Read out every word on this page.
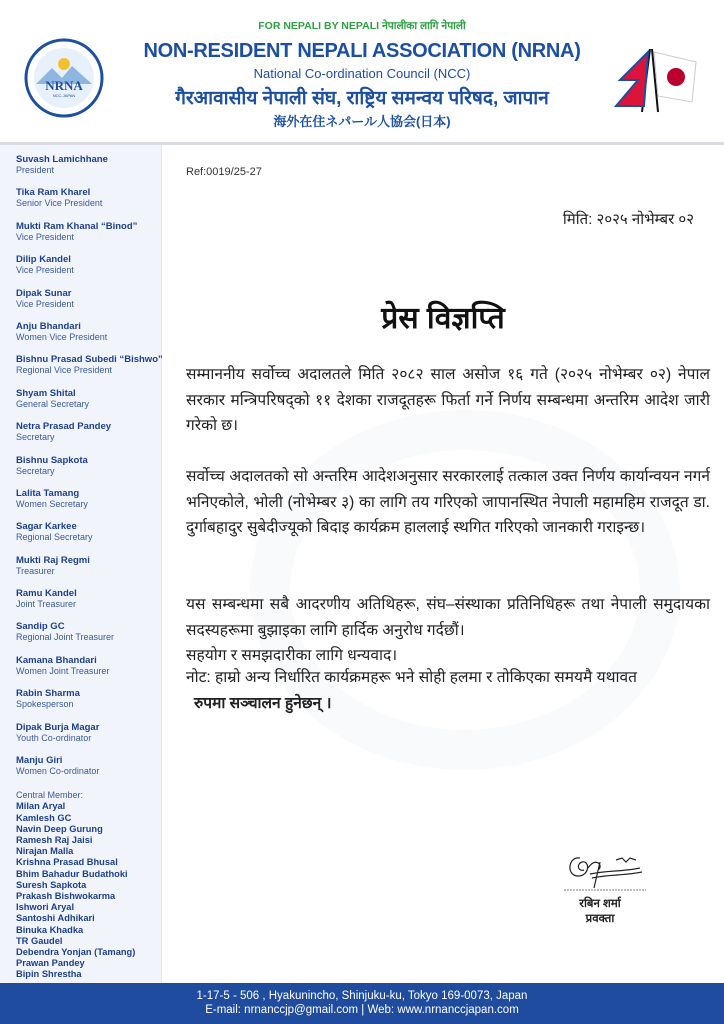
NRNA
NCC-JAPAN
FOR NEPALI BY NEPALI नेपालीका लागि नेपाली
NON-RESIDENT NEPALI ASSOCIATION (NRNA)
National Co-ordination Council (NCC)
गैरआवासीय नेपाली संघ, राष्ट्रिय समन्वय परिषद, जापान
海外在住ネパール人協会(日本)
Suvash Lamichhane
President
Tika Ram Kharel
Senior Vice President
Mukti Ram Khanal “Binod”
Vice President
Dilip Kandel
Vice President
Dipak Sunar
Vice President
Anju Bhandari
Women Vice President
Bishnu Prasad Subedi “Bishwo”
Regional Vice President
Shyam Shital
General Secretary
Netra Prasad Pandey
Secretary
Bishnu Sapkota
Secretary
Lalita Tamang
Women Secretary
Sagar Karkee
Regional Secretary
Mukti Raj Regmi
Treasurer
Ramu Kandel
Joint Treasurer
Sandip GC
Regional Joint Treasurer
Kamana Bhandari
Women Joint Treasurer
Rabin Sharma
Spokesperson
Dipak Burja Magar
Youth Co-ordinator
Manju Giri
Women Co-ordinator
Central Member:
Milan Aryal
Kamlesh GC
Navin Deep Gurung
Ramesh Raj Jaisi
Nirajan Malla
Krishna Prasad Bhusal
Bhim Bahadur Budathoki
Suresh Sapkota
Prakash Bishwokarma
Ishwori Aryal
Santoshi Adhikari
Binuka Khadka
TR Gaudel
Debendra Yonjan (Tamang)
Prawan Pandey
Bipin Shrestha
Ref:0019/25-27
मिति: २०२५ नोभेम्बर ०२
प्रेस विज्ञप्ति
सम्माननीय सर्वोच्च अदालतले मिति २०८२ साल असोज १६ गते (२०२५ नोभेम्बर ०२) नेपाल सरकार मन्त्रिपरिषद्को ११ देशका राजदूतहरू फिर्ता गर्ने निर्णय सम्बन्धमा अन्तरिम आदेश जारी गरेको छ।
सर्वोच्च अदालतको सो अन्तरिम आदेशअनुसार सरकारलाई तत्काल उक्त निर्णय कार्यान्वयन नगर्न भनिएकोले, भोली (नोभेम्बर ३) का लागि तय गरिएको जापानस्थित नेपाली महामहिम राजदूत डा. दुर्गाबहादुर सुबेदीज्यूको बिदाइ कार्यक्रम हाललाई स्थगित गरिएको जानकारी गराइन्छ।
यस सम्बन्धमा सबै आदरणीय अतिथिहरू, संघ–संस्थाका प्रतिनिधिहरू तथा नेपाली समुदायका सदस्यहरूमा बुझाइका लागि हार्दिक अनुरोध गर्दछौं।
सहयोग र समझदारीका लागि धन्यवाद।
नोट: हाम्रो अन्य निर्धारित कार्यक्रमहरू भने सोही हलमा र तोकिएका समयमै यथावत
रुपमा सञ्चालन हुनेछन् ।
रबिन शर्मा
प्रवक्ता
1-17-5 - 506 , Hyakunincho, Shinjuku-ku, Tokyo 169-0073, Japan
E-mail: nrnanccjp@gmail.com | Web: www.nrnanccjapan.com
